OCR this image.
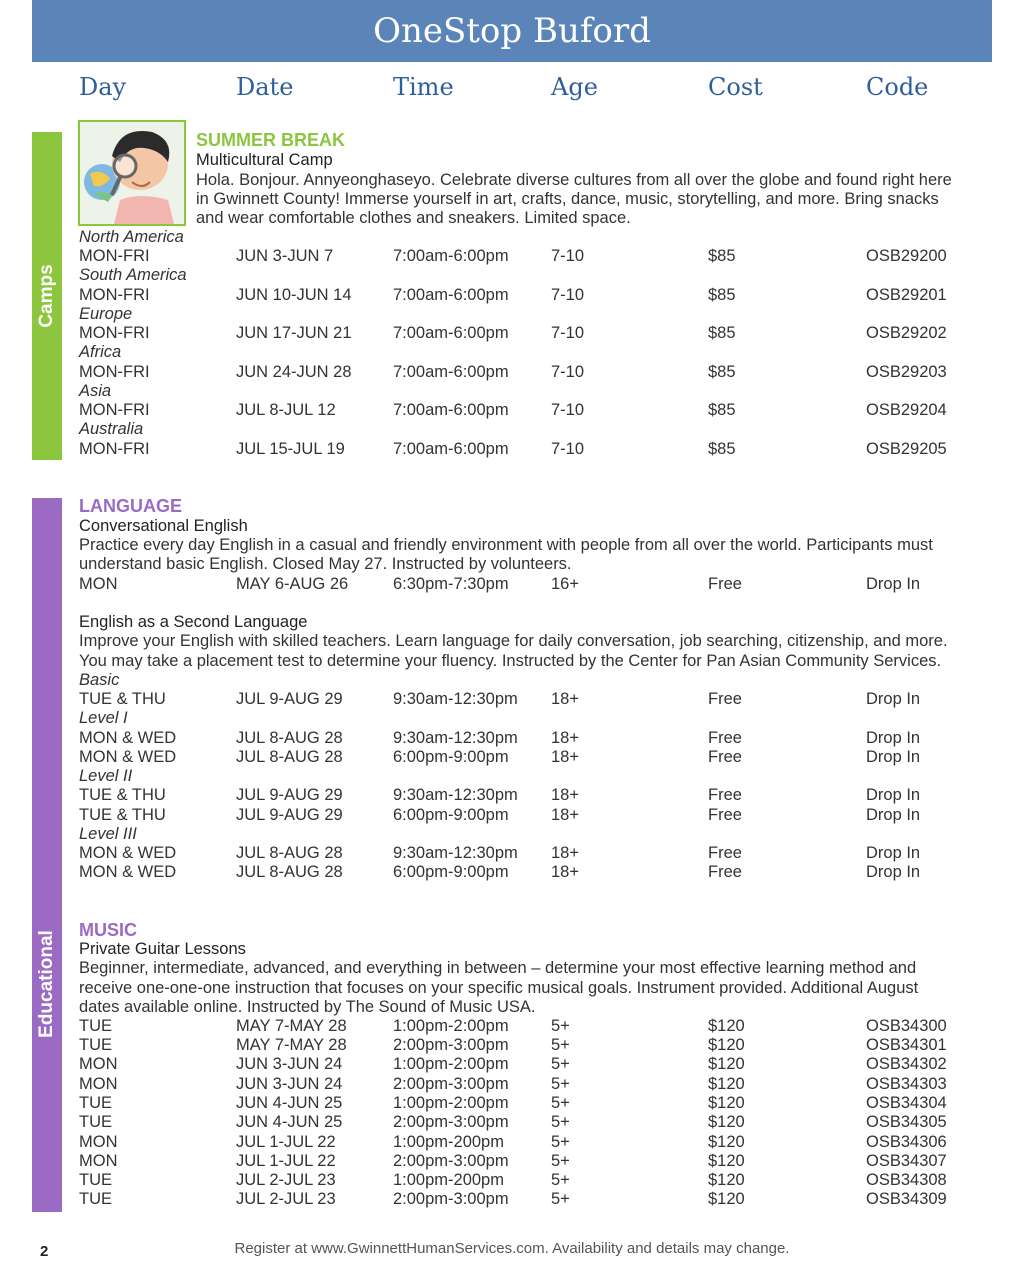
OneStop Buford
Day	Date	Time	Age	Cost	Code
Camps
Educational
SUMMER BREAK
Multicultural Camp
Hola. Bonjour. Annyeonghaseyo. Celebrate diverse cultures from all over the globe and found right here
in Gwinnett County! Immerse yourself in art, crafts, dance, music, storytelling, and more. Bring snacks
and wear comfortable clothes and sneakers. Limited space.
North America
MON-FRI	JUN 3-JUN 7	7:00am-6:00pm	7-10	$85	OSB29200
South America
MON-FRI	JUN 10-JUN 14	7:00am-6:00pm	7-10	$85	OSB29201
Europe
MON-FRI	JUN 17-JUN 21	7:00am-6:00pm	7-10	$85	OSB29202
Africa
MON-FRI	JUN 24-JUN 28	7:00am-6:00pm	7-10	$85	OSB29203
Asia
MON-FRI	JUL 8-JUL 12	7:00am-6:00pm	7-10	$85	OSB29204
Australia
MON-FRI	JUL 15-JUL 19	7:00am-6:00pm	7-10	$85	OSB29205
LANGUAGE
Conversational English
Practice every day English in a casual and friendly environment with people from all over the world. Participants must
understand basic English. Closed May 27. Instructed by volunteers.
MON	MAY 6-AUG 26	6:30pm-7:30pm	16+	Free	Drop In
English as a Second Language
Improve your English with skilled teachers. Learn language for daily conversation, job searching, citizenship, and more.
You may take a placement test to determine your fluency. Instructed by the Center for Pan Asian Community Services.
Basic
TUE & THU	JUL 9-AUG 29	9:30am-12:30pm 18+	Free	Drop In
Level I
MON & WED	JUL 8-AUG 28	9:30am-12:30pm 18+	Free	Drop In
MON & WED	JUL 8-AUG 28	6:00pm-9:00pm	18+	Free	Drop In
Level II
TUE & THU	JUL 9-AUG 29	9:30am-12:30pm 18+	Free	Drop In
TUE & THU	JUL 9-AUG 29	6:00pm-9:00pm	18+	Free	Drop In
Level III
MON & WED	JUL 8-AUG 28	9:30am-12:30pm 18+	Free	Drop In
MON & WED	JUL 8-AUG 28	6:00pm-9:00pm	18+	Free	Drop In
MUSIC
Private Guitar Lessons
Beginner, intermediate, advanced, and everything in between – determine your most effective learning method and
receive one-one-one instruction that focuses on your specific musical goals. Instrument provided. Additional August
dates available online. Instructed by The Sound of Music USA.
TUE	MAY 7-MAY 28	1:00pm-2:00pm	5+	$120	OSB34300
TUE	MAY 7-MAY 28	2:00pm-3:00pm	5+	$120	OSB34301
MON	JUN 3-JUN 24	1:00pm-2:00pm	5+	$120	OSB34302
MON	JUN 3-JUN 24	2:00pm-3:00pm	5+	$120	OSB34303
TUE	JUN 4-JUN 25	1:00pm-2:00pm	5+	$120	OSB34304
TUE	JUN 4-JUN 25	2:00pm-3:00pm	5+	$120	OSB34305
MON	JUL 1-JUL 22	1:00pm-200pm	5+	$120	OSB34306
MON	JUL 1-JUL 22	2:00pm-3:00pm	5+	$120	OSB34307
TUE	JUL 2-JUL 23	1:00pm-200pm	5+	$120	OSB34308
TUE	JUL 2-JUL 23	2:00pm-3:00pm	5+	$120	OSB34309
2	Register at www.GwinnettHumanServices.com. Availability and details may change.
